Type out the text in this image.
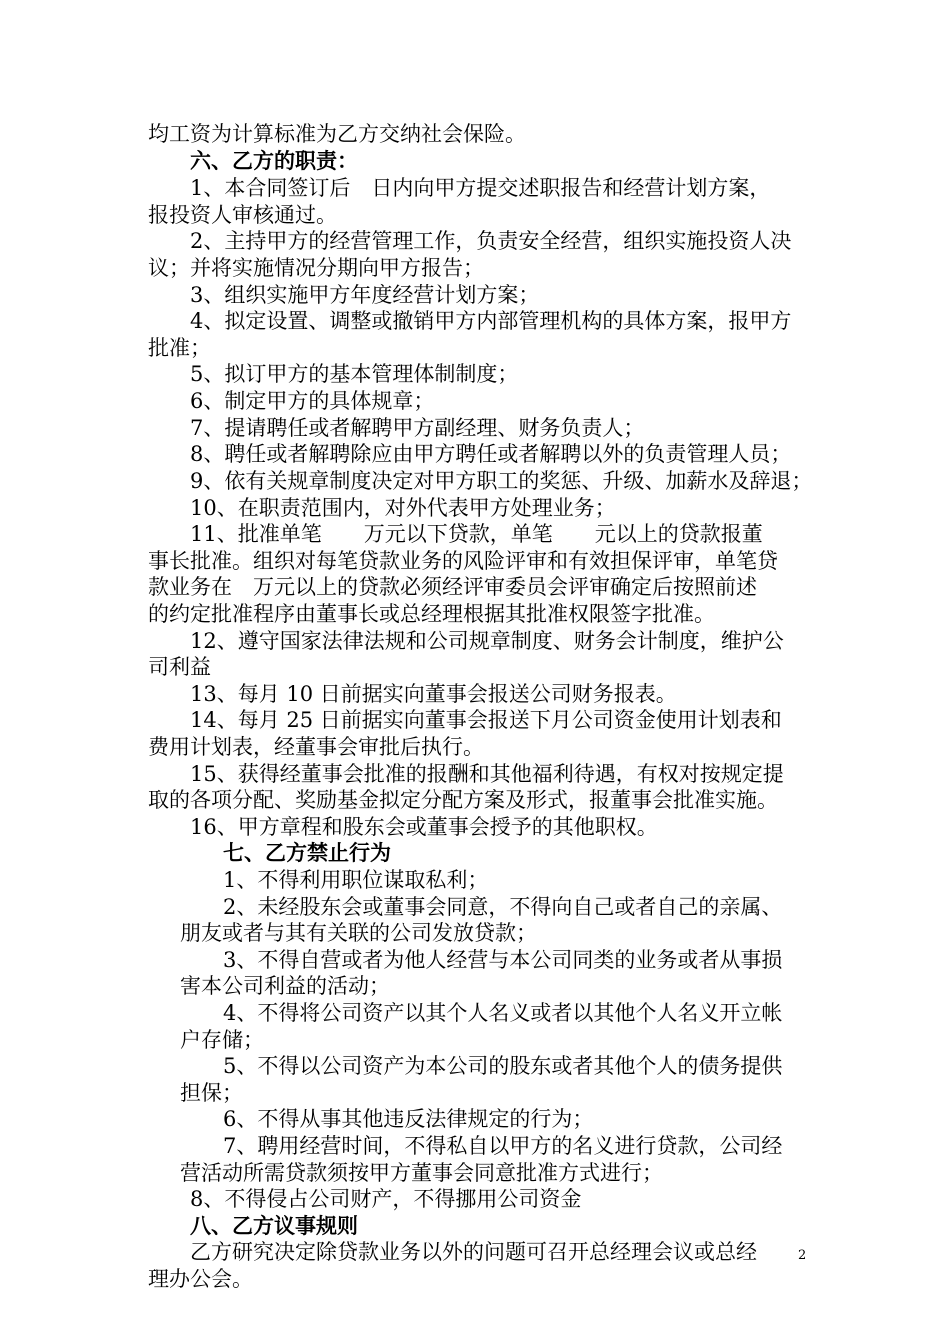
均工资为计算标准为乙方交纳社会保险。
六、乙方的职责：
1、本合同签订后　日内向甲方提交述职报告和经营计划方案，
报投资人审核通过。
2、主持甲方的经营管理工作，负责安全经营，组织实施投资人决
议；并将实施情况分期向甲方报告；
3、组织实施甲方年度经营计划方案；
4、拟定设置、调整或撤销甲方内部管理机构的具体方案，报甲方
批准；
5、拟订甲方的基本管理体制制度；
6、制定甲方的具体规章；
7、提请聘任或者解聘甲方副经理、财务负责人；
8、聘任或者解聘除应由甲方聘任或者解聘以外的负责管理人员；
9、依有关规章制度决定对甲方职工的奖惩、升级、加薪水及辞退；
10、在职责范围内，对外代表甲方处理业务；
11、批准单笔　　万元以下贷款，单笔　　元以上的贷款报董
事长批准。组织对每笔贷款业务的风险评审和有效担保评审，单笔贷
款业务在　万元以上的贷款必须经评审委员会评审确定后按照前述
的约定批准程序由董事长或总经理根据其批准权限签字批准。
12、遵守国家法律法规和公司规章制度、财务会计制度，维护公
司利益
13、每月 10 日前据实向董事会报送公司财务报表。
14、每月 25 日前据实向董事会报送下月公司资金使用计划表和
费用计划表，经董事会审批后执行。
15、获得经董事会批准的报酬和其他福利待遇，有权对按规定提
取的各项分配、奖励基金拟定分配方案及形式，报董事会批准实施。
16、甲方章程和股东会或董事会授予的其他职权。
七、乙方禁止行为
1、不得利用职位谋取私利；
2、未经股东会或董事会同意，不得向自己或者自己的亲属、
朋友或者与其有关联的公司发放贷款；
3、不得自营或者为他人经营与本公司同类的业务或者从事损
害本公司利益的活动；
4、不得将公司资产以其个人名义或者以其他个人名义开立帐
户存储；
5、不得以公司资产为本公司的股东或者其他个人的债务提供
担保；
6、不得从事其他违反法律规定的行为；
7、聘用经营时间，不得私自以甲方的名义进行贷款，公司经
营活动所需贷款须按甲方董事会同意批准方式进行；
8、不得侵占公司财产，不得挪用公司资金
八、乙方议事规则
乙方研究决定除贷款业务以外的问题可召开总经理会议或总经
理办公会。
2
